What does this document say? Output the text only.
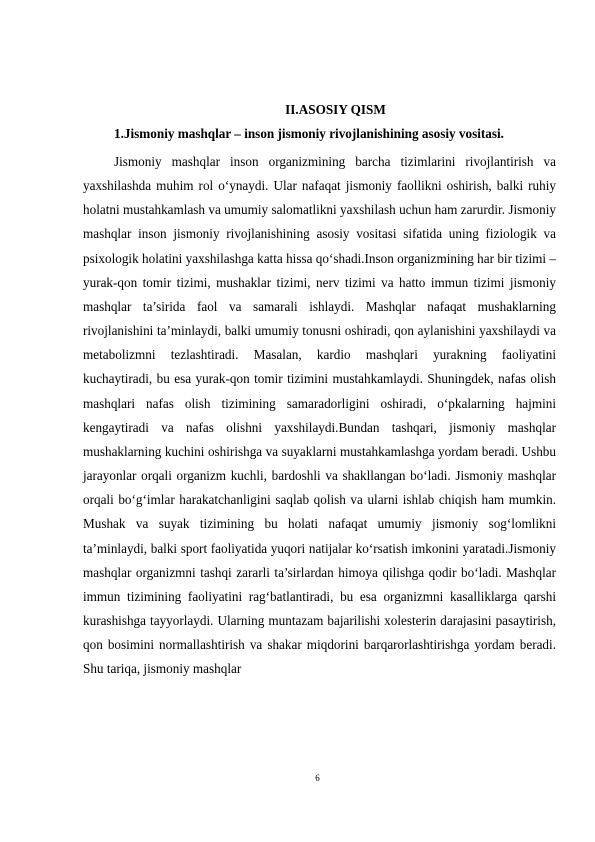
II.ASOSIY QISM
1.Jismoniy mashqlar – inson jismoniy rivojlanishining asosiy vositasi.

Jismoniy mashqlar inson organizmining barcha tizimlarini rivojlantirish va yaxshilashda muhim rol o‘ynaydi. Ular nafaqat jismoniy faollikni oshirish, balki ruhiy holatni mustahkamlash va umumiy salomatlikni yaxshilash uchun ham zarurdir. Jismoniy mashqlar inson jismoniy rivojlanishining asosiy vositasi sifatida uning fiziologik va psixologik holatini yaxshilashga katta hissa qo‘shadi.Inson organizmining har bir tizimi – yurak-qon tomir tizimi, mushaklar tizimi, nerv tizimi va hatto immun tizimi jismoniy mashqlar ta’sirida faol va samarali ishlaydi. Mashqlar nafaqat mushaklarning rivojlanishini ta’minlaydi, balki umumiy tonusni oshiradi, qon aylanishini yaxshilaydi va metabolizmni tezlashtiradi. Masalan, kardio mashqlari yurakning faoliyatini kuchaytiradi, bu esa yurak-qon tomir tizimini mustahkamlaydi. Shuningdek, nafas olish mashqlari nafas olish tizimining samaradorligini oshiradi, o‘pkalarning hajmini kengaytiradi va nafas olishni yaxshilaydi.Bundan tashqari, jismoniy mashqlar mushaklarning kuchini oshirishga va suyaklarni mustahkamlashga yordam beradi. Ushbu jarayonlar orqali organizm kuchli, bardoshli va shakllangan bo‘ladi. Jismoniy mashqlar orqali bo‘g‘imlar harakatchanligini saqlab qolish va ularni ishlab chiqish ham mumkin. Mushak va suyak tizimining bu holati nafaqat umumiy jismoniy sog‘lomlikni ta’minlaydi, balki sport faoliyatida yuqori natijalar ko‘rsatish imkonini yaratadi.Jismoniy mashqlar organizmni tashqi zararli ta’sirlardan himoya qilishga qodir bo‘ladi. Mashqlar immun tizimining faoliyatini rag‘batlantiradi, bu esa organizmni kasalliklarga qarshi kurashishga tayyorlaydi. Ularning muntazam bajarilishi xolesterin darajasini pasaytirish, qon bosimini normallashtirish va shakar miqdorini barqarorlashtirishga yordam beradi. Shu tariqa, jismoniy mashqlar

6
